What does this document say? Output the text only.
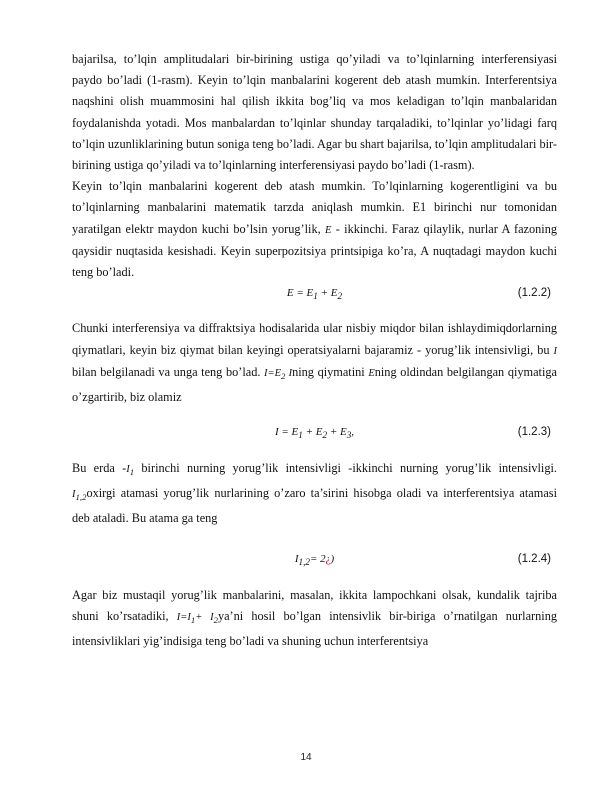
bajarilsa, to’lqin amplitudalari bir-birining ustiga qo’yiladi va to’lqinlarning interferensiyasi paydo bo’ladi (1-rasm). Keyin to’lqin manbalarini kogerent deb atash mumkin. Interferentsiya naqshini olish muammosini hal qilish ikkita bog’liq va mos keladigan to’lqin manbalaridan foydalanishda yotadi. Mos manbalardan to’lqinlar shunday tarqaladiki, to’lqinlar yo’lidagi farq to’lqin uzunliklarining butun soniga teng bo’ladi. Agar bu shart bajarilsa, to’lqin amplitudalari bir-birining ustiga qo’yiladi va to’lqinlarning interferensiyasi paydo bo’ladi (1-rasm).

Keyin to’lqin manbalarini kogerent deb atash mumkin. To’lqinlarning kogerentligini va bu to’lqinlarning manbalarini matematik tarzda aniqlash mumkin. E1 birinchi nur tomonidan yaratilgan elektr maydon kuchi bo’lsin yorug’lik, E - ikkinchi. Faraz qilaylik, nurlar A fazoning qaysidir nuqtasida kesishadi. Keyin superpozitsiya printsipiga ko’ra, A nuqtadagi maydon kuchi teng bo’ladi.

$E = E_1 + E_2$	(1.2.2)

Chunki interferensiya va diffraktsiya hodisalarida ular nisbiy miqdor bilan ishlaydimiqdorlarning qiymatlari, keyin biz qiymat bilan keyingi operatsiyalarni bajaramiz - yorug’lik intensivligi, bu I bilan belgilanadi va unga teng bo’lad. $I=E_2$ Ining qiymatini Ening oldindan belgilangan qiymatiga o’zgartirib, biz olamiz

$I = E_1 + E_2 + E_3$,	(1.2.3)

Bu erda $-I_1$ birinchi nurning yorug’lik intensivligi -ikkinchi nurning yorug’lik intensivligi. $I_{1,2}oxirgi$ atamasi yorug’lik nurlarining o’zaro ta’sirini hisobga oladi va interferentsiya atamasi deb ataladi. Bu atama ga teng

$I_{1,2}=$ 2¿)	(1.2.4)

Agar biz mustaqil yorug’lik manbalarini, masalan, ikkita lampochkani olsak, kundalik tajriba shuni ko’rsatadiki, $I=I_1+$ $I_2ya’ni$ hosil bo’lgan intensivlik bir-biriga o’rnatilgan nurlarning intensivliklari yig’indisiga teng bo’ladi va shuning uchun interferentsiya

14
